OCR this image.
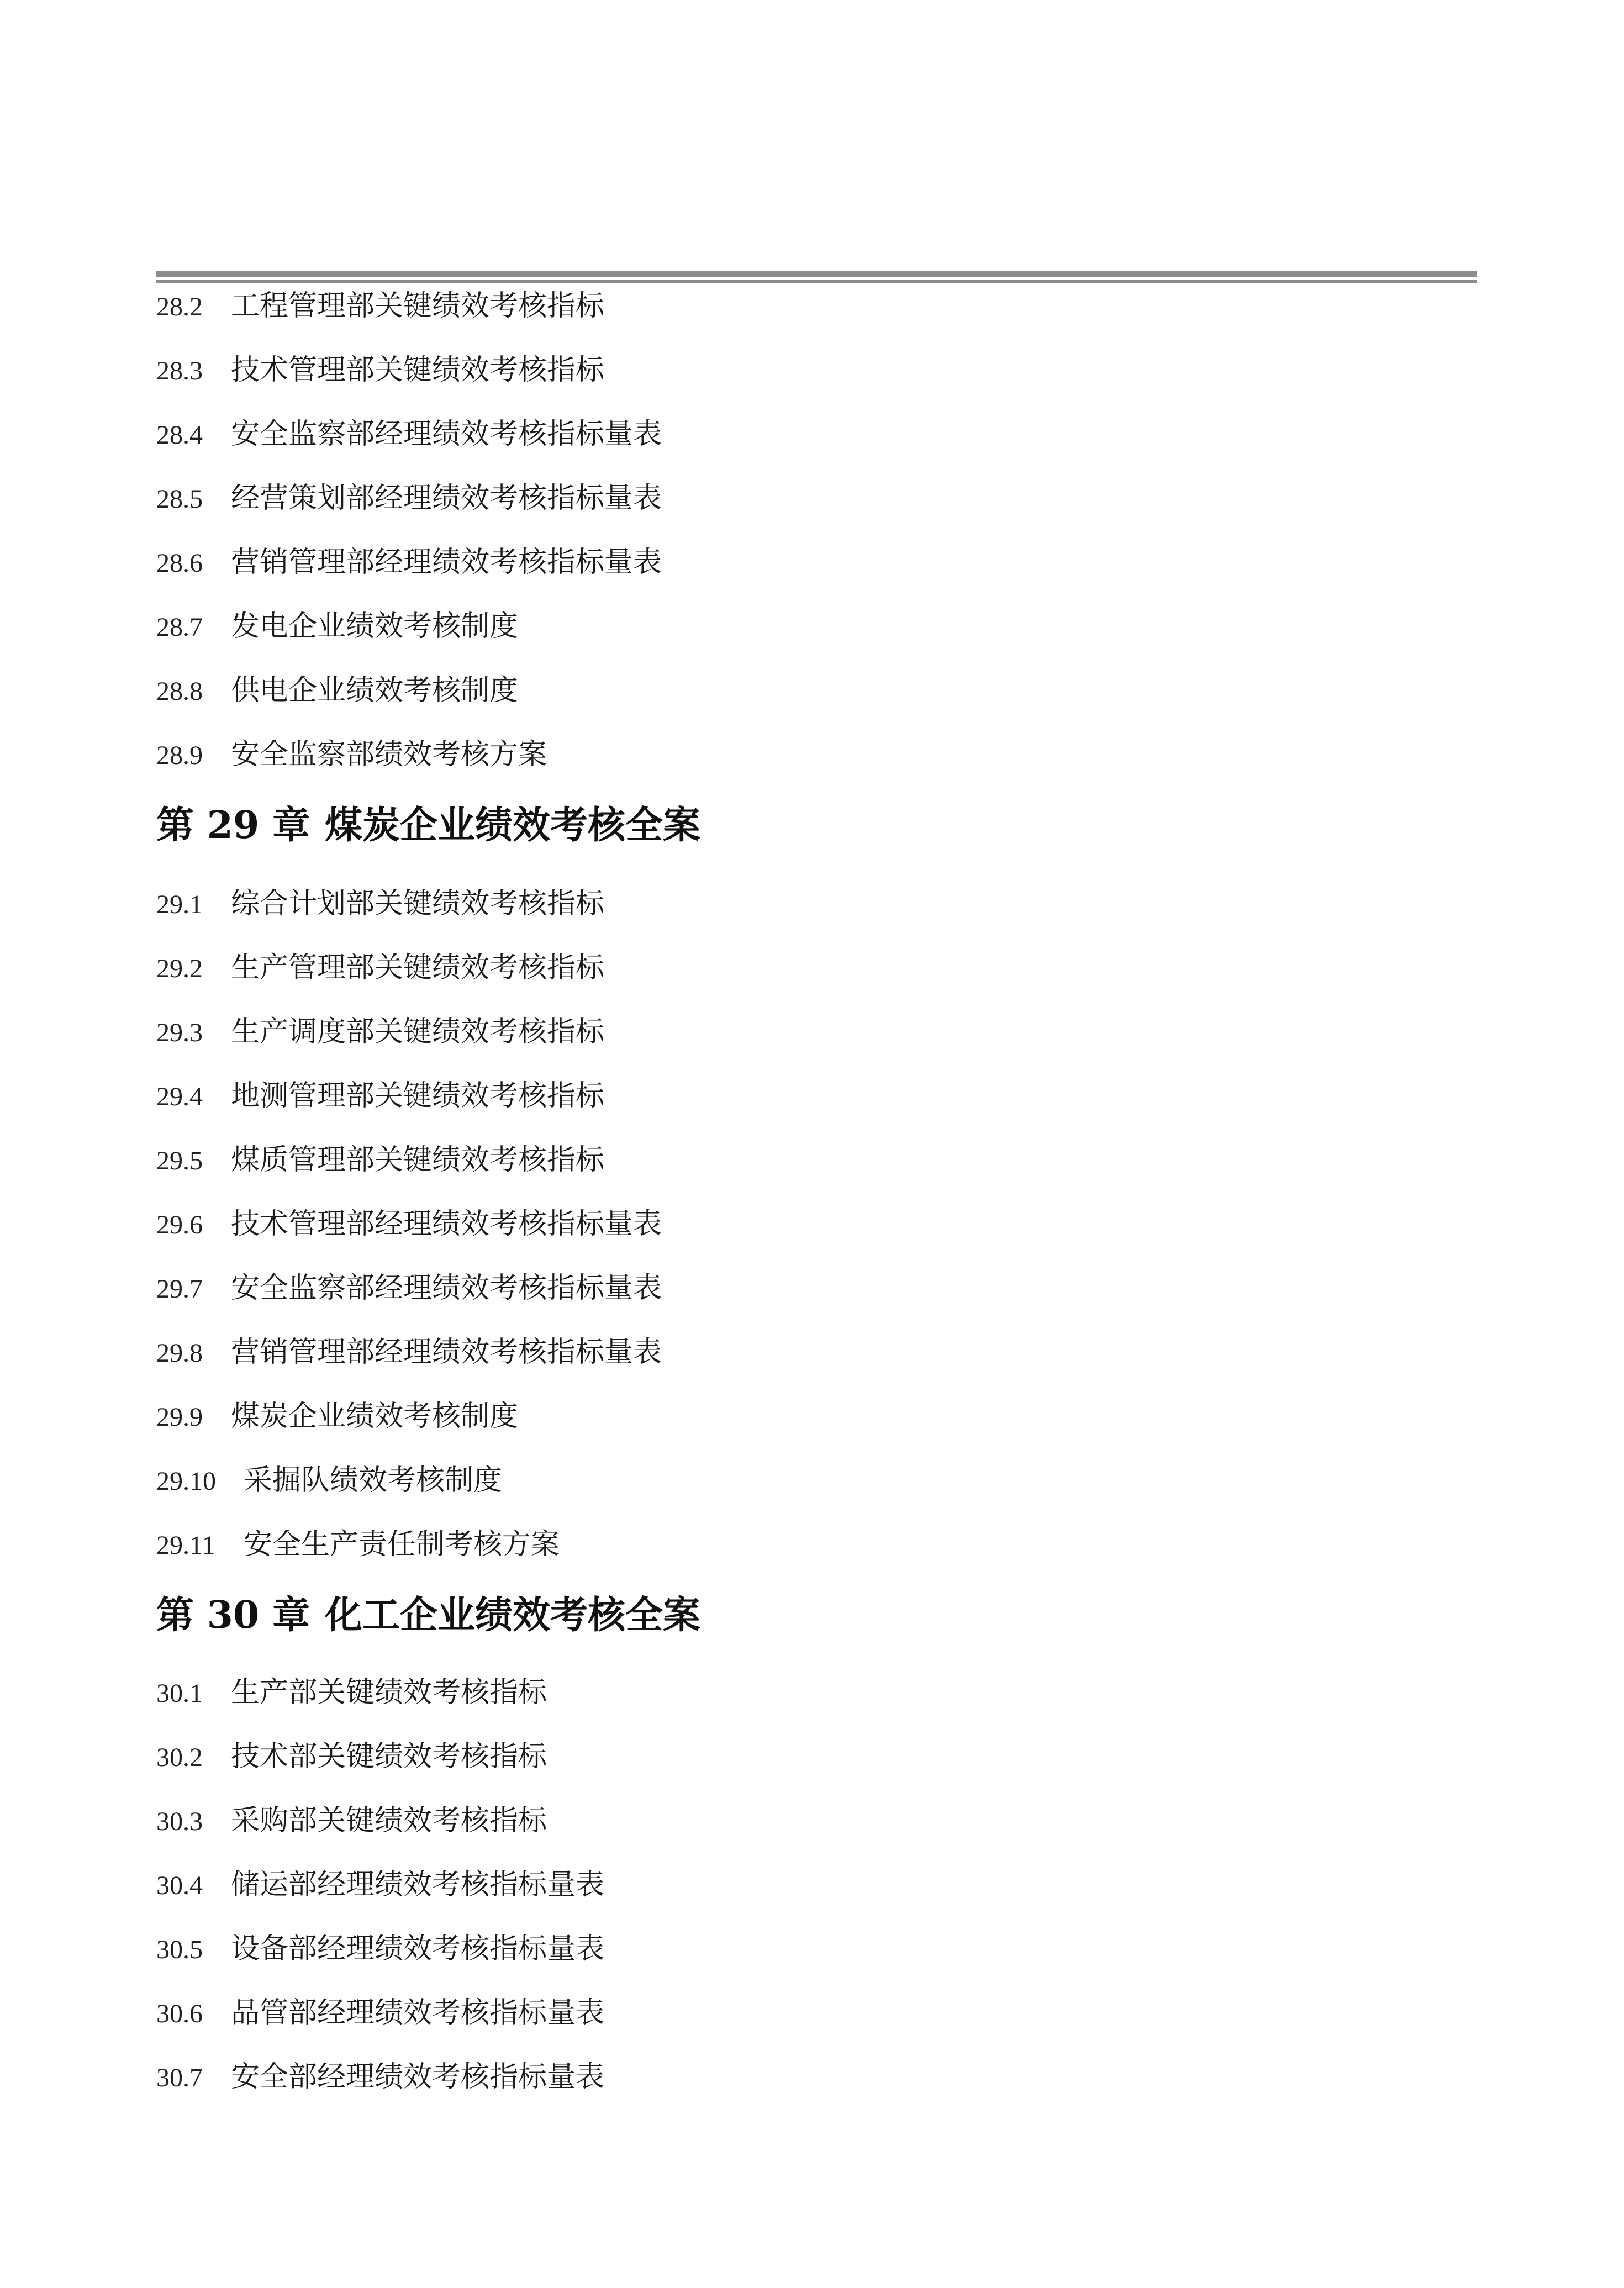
28.2 工程管理部关键绩效考核指标
28.3 技术管理部关键绩效考核指标
28.4 安全监察部经理绩效考核指标量表
28.5 经营策划部经理绩效考核指标量表
28.6 营销管理部经理绩效考核指标量表
28.7 发电企业绩效考核制度
28.8 供电企业绩效考核制度
28.9 安全监察部绩效考核方案
第 29 章 煤炭企业绩效考核全案
29.1 综合计划部关键绩效考核指标
29.2 生产管理部关键绩效考核指标
29.3 生产调度部关键绩效考核指标
29.4 地测管理部关键绩效考核指标
29.5 煤质管理部关键绩效考核指标
29.6 技术管理部经理绩效考核指标量表
29.7 安全监察部经理绩效考核指标量表
29.8 营销管理部经理绩效考核指标量表
29.9 煤炭企业绩效考核制度
29.10 采掘队绩效考核制度
29.11 安全生产责任制考核方案
第 30 章 化工企业绩效考核全案
30.1 生产部关键绩效考核指标
30.2 技术部关键绩效考核指标
30.3 采购部关键绩效考核指标
30.4 储运部经理绩效考核指标量表
30.5 设备部经理绩效考核指标量表
30.6 品管部经理绩效考核指标量表
30.7 安全部经理绩效考核指标量表
